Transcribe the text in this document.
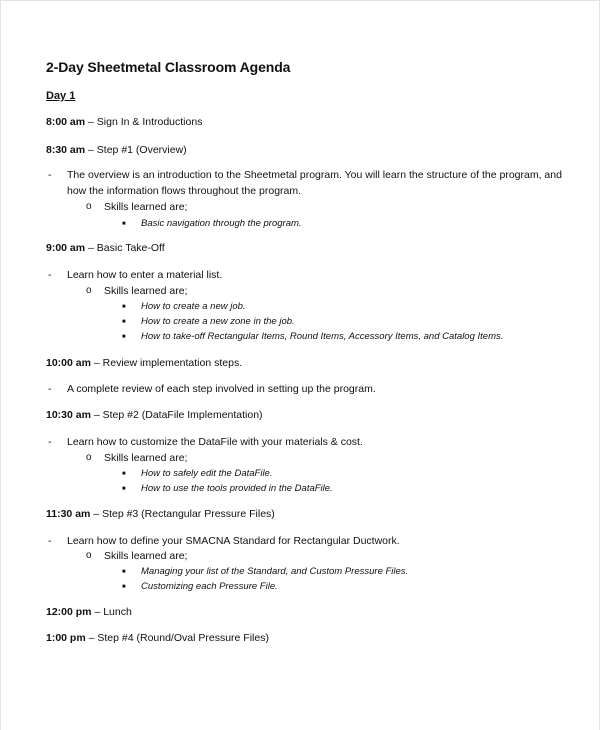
2-Day Sheetmetal Classroom Agenda
Day 1
8:00 am – Sign In & Introductions
8:30 am – Step #1 (Overview)
- The overview is an introduction to the Sheetmetal program. You will learn the structure of the program, and
how the information flows throughout the program.
o Skills learned are;
■ Basic navigation through the program.
9:00 am – Basic Take-Off
- Learn how to enter a material list.
o Skills learned are;
■ How to create a new job.
■ How to create a new zone in the job.
■ How to take-off Rectangular Items, Round Items, Accessory Items, and Catalog Items.
10:00 am – Review implementation steps.
- A complete review of each step involved in setting up the program.
10:30 am – Step #2 (DataFile Implementation)
- Learn how to customize the DataFile with your materials & cost.
o Skills learned are;
■ How to safely edit the DataFile.
■ How to use the tools provided in the DataFile.
11:30 am – Step #3 (Rectangular Pressure Files)
- Learn how to define your SMACNA Standard for Rectangular Ductwork.
o Skills learned are;
■ Managing your list of the Standard, and Custom Pressure Files.
■ Customizing each Pressure File.
12:00 pm – Lunch
1:00 pm – Step #4 (Round/Oval Pressure Files)
